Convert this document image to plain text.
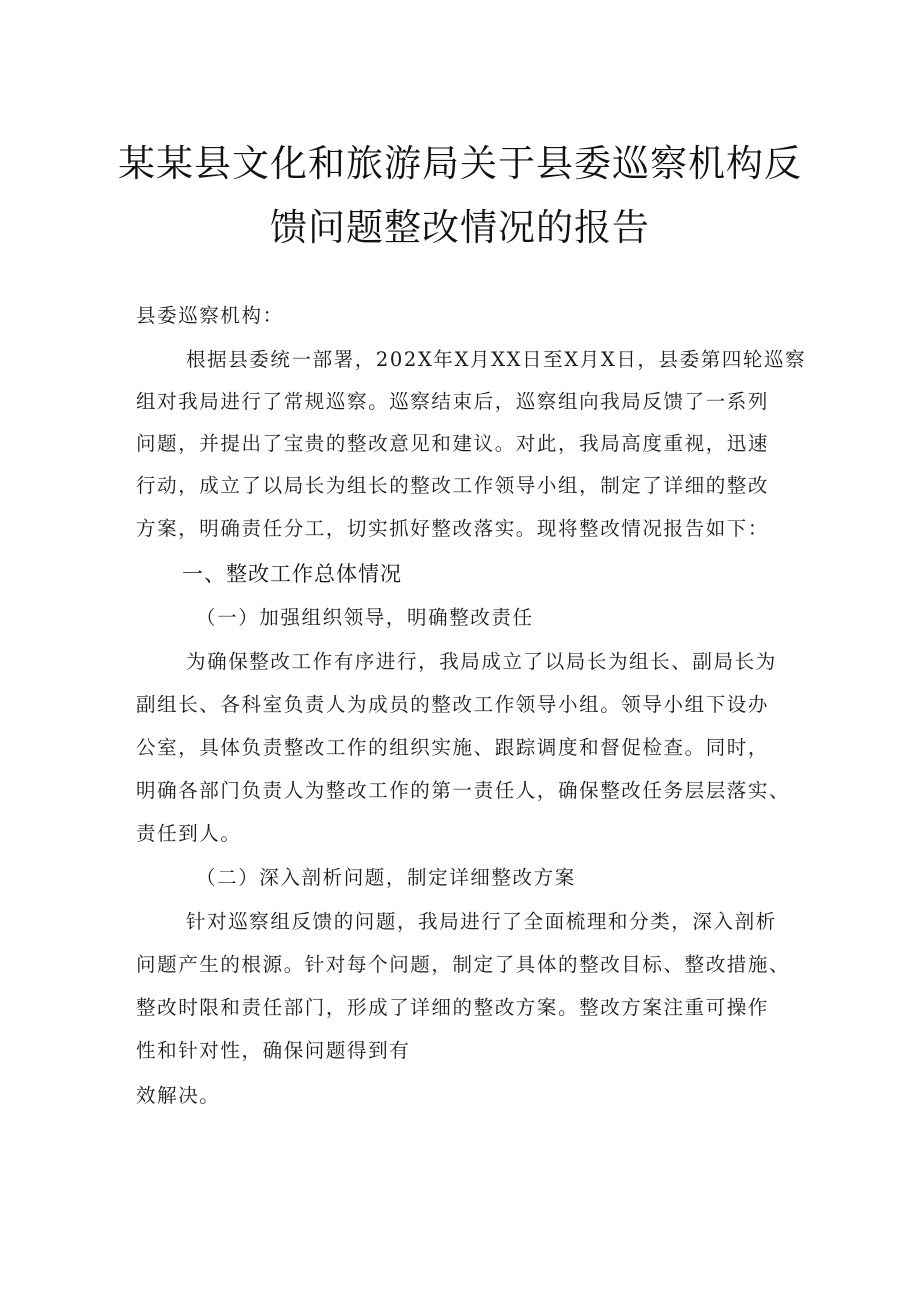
某某县文化和旅游局关于县委巡察机构反
馈问题整改情况的报告
县委巡察机构：
根据县委统一部署，202X年X月XX日至X月X日，县委第四轮巡察
组对我局进行了常规巡察。巡察结束后，巡察组向我局反馈了一系列
问题，并提出了宝贵的整改意见和建议。对此，我局高度重视，迅速
行动，成立了以局长为组长的整改工作领导小组，制定了详细的整改
方案，明确责任分工，切实抓好整改落实。现将整改情况报告如下：
一、整改工作总体情况
（一）加强组织领导，明确整改责任
为确保整改工作有序进行，我局成立了以局长为组长、副局长为
副组长、各科室负责人为成员的整改工作领导小组。领导小组下设办
公室，具体负责整改工作的组织实施、跟踪调度和督促检查。同时，
明确各部门负责人为整改工作的第一责任人，确保整改任务层层落实、
责任到人。
（二）深入剖析问题，制定详细整改方案
针对巡察组反馈的问题，我局进行了全面梳理和分类，深入剖析
问题产生的根源。针对每个问题，制定了具体的整改目标、整改措施、
整改时限和责任部门，形成了详细的整改方案。整改方案注重可操作
性和针对性，确保问题得到有
效解决。
